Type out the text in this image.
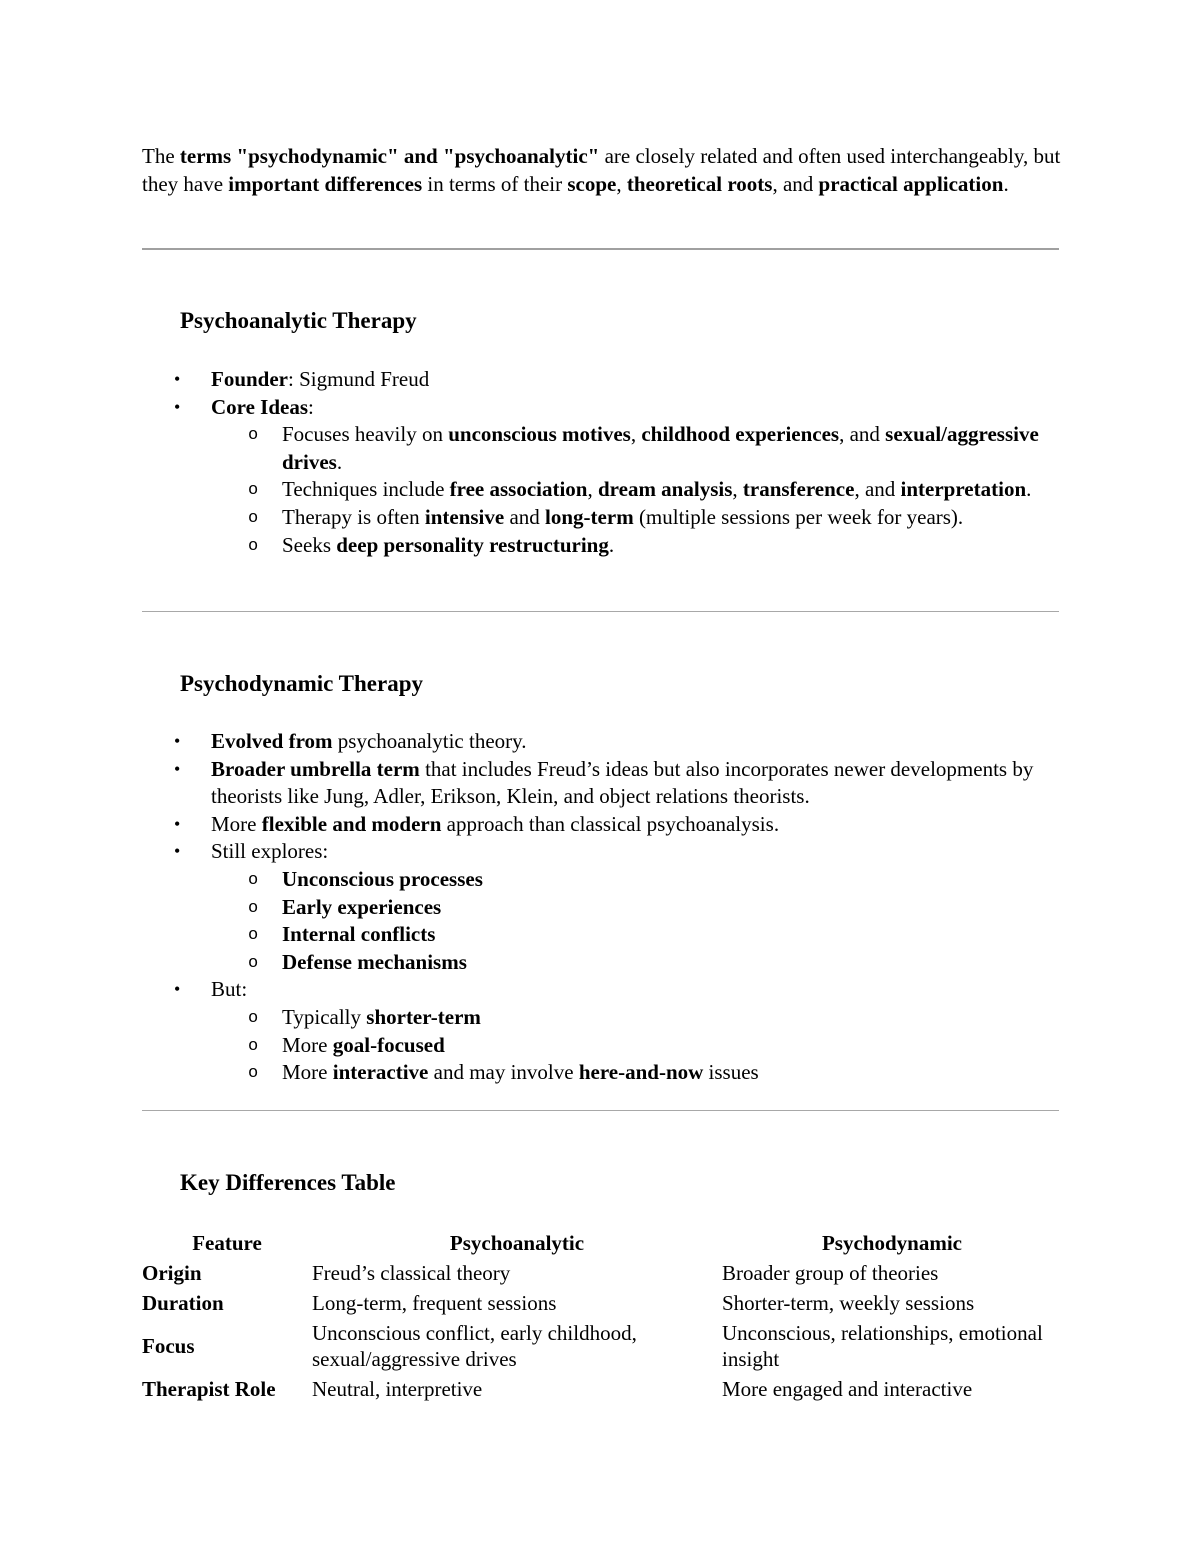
The terms "psychodynamic" and "psychoanalytic" are closely related and often used interchangeably, but they have important differences in terms of their scope, theoretical roots, and practical application.

Psychoanalytic Therapy
• Founder: Sigmund Freud
• Core Ideas:
o Focuses heavily on unconscious motives, childhood experiences, and sexual/aggressive drives.
o Techniques include free association, dream analysis, transference, and interpretation.
o Therapy is often intensive and long-term (multiple sessions per week for years).
o Seeks deep personality restructuring.
Psychodynamic Therapy
• Evolved from psychoanalytic theory.
• Broader umbrella term that includes Freud’s ideas but also incorporates newer developments by theorists like Jung, Adler, Erikson, Klein, and object relations theorists.
• More flexible and modern approach than classical psychoanalysis.
• Still explores:
o Unconscious processes
o Early experiences
o Internal conflicts
o Defense mechanisms
• But:
o Typically shorter-term
o More goal-focused
o More interactive and may involve here-and-now issues
Key Differences Table
Feature	Psychoanalytic	Psychodynamic
Origin	Freud’s classical theory	Broader group of theories
Duration	Long-term, frequent sessions	Shorter-term, weekly sessions
Focus	Unconscious conflict, early childhood, sexual/aggressive drives	Unconscious, relationships, emotional insight
Therapist Role	Neutral, interpretive	More engaged and interactive
